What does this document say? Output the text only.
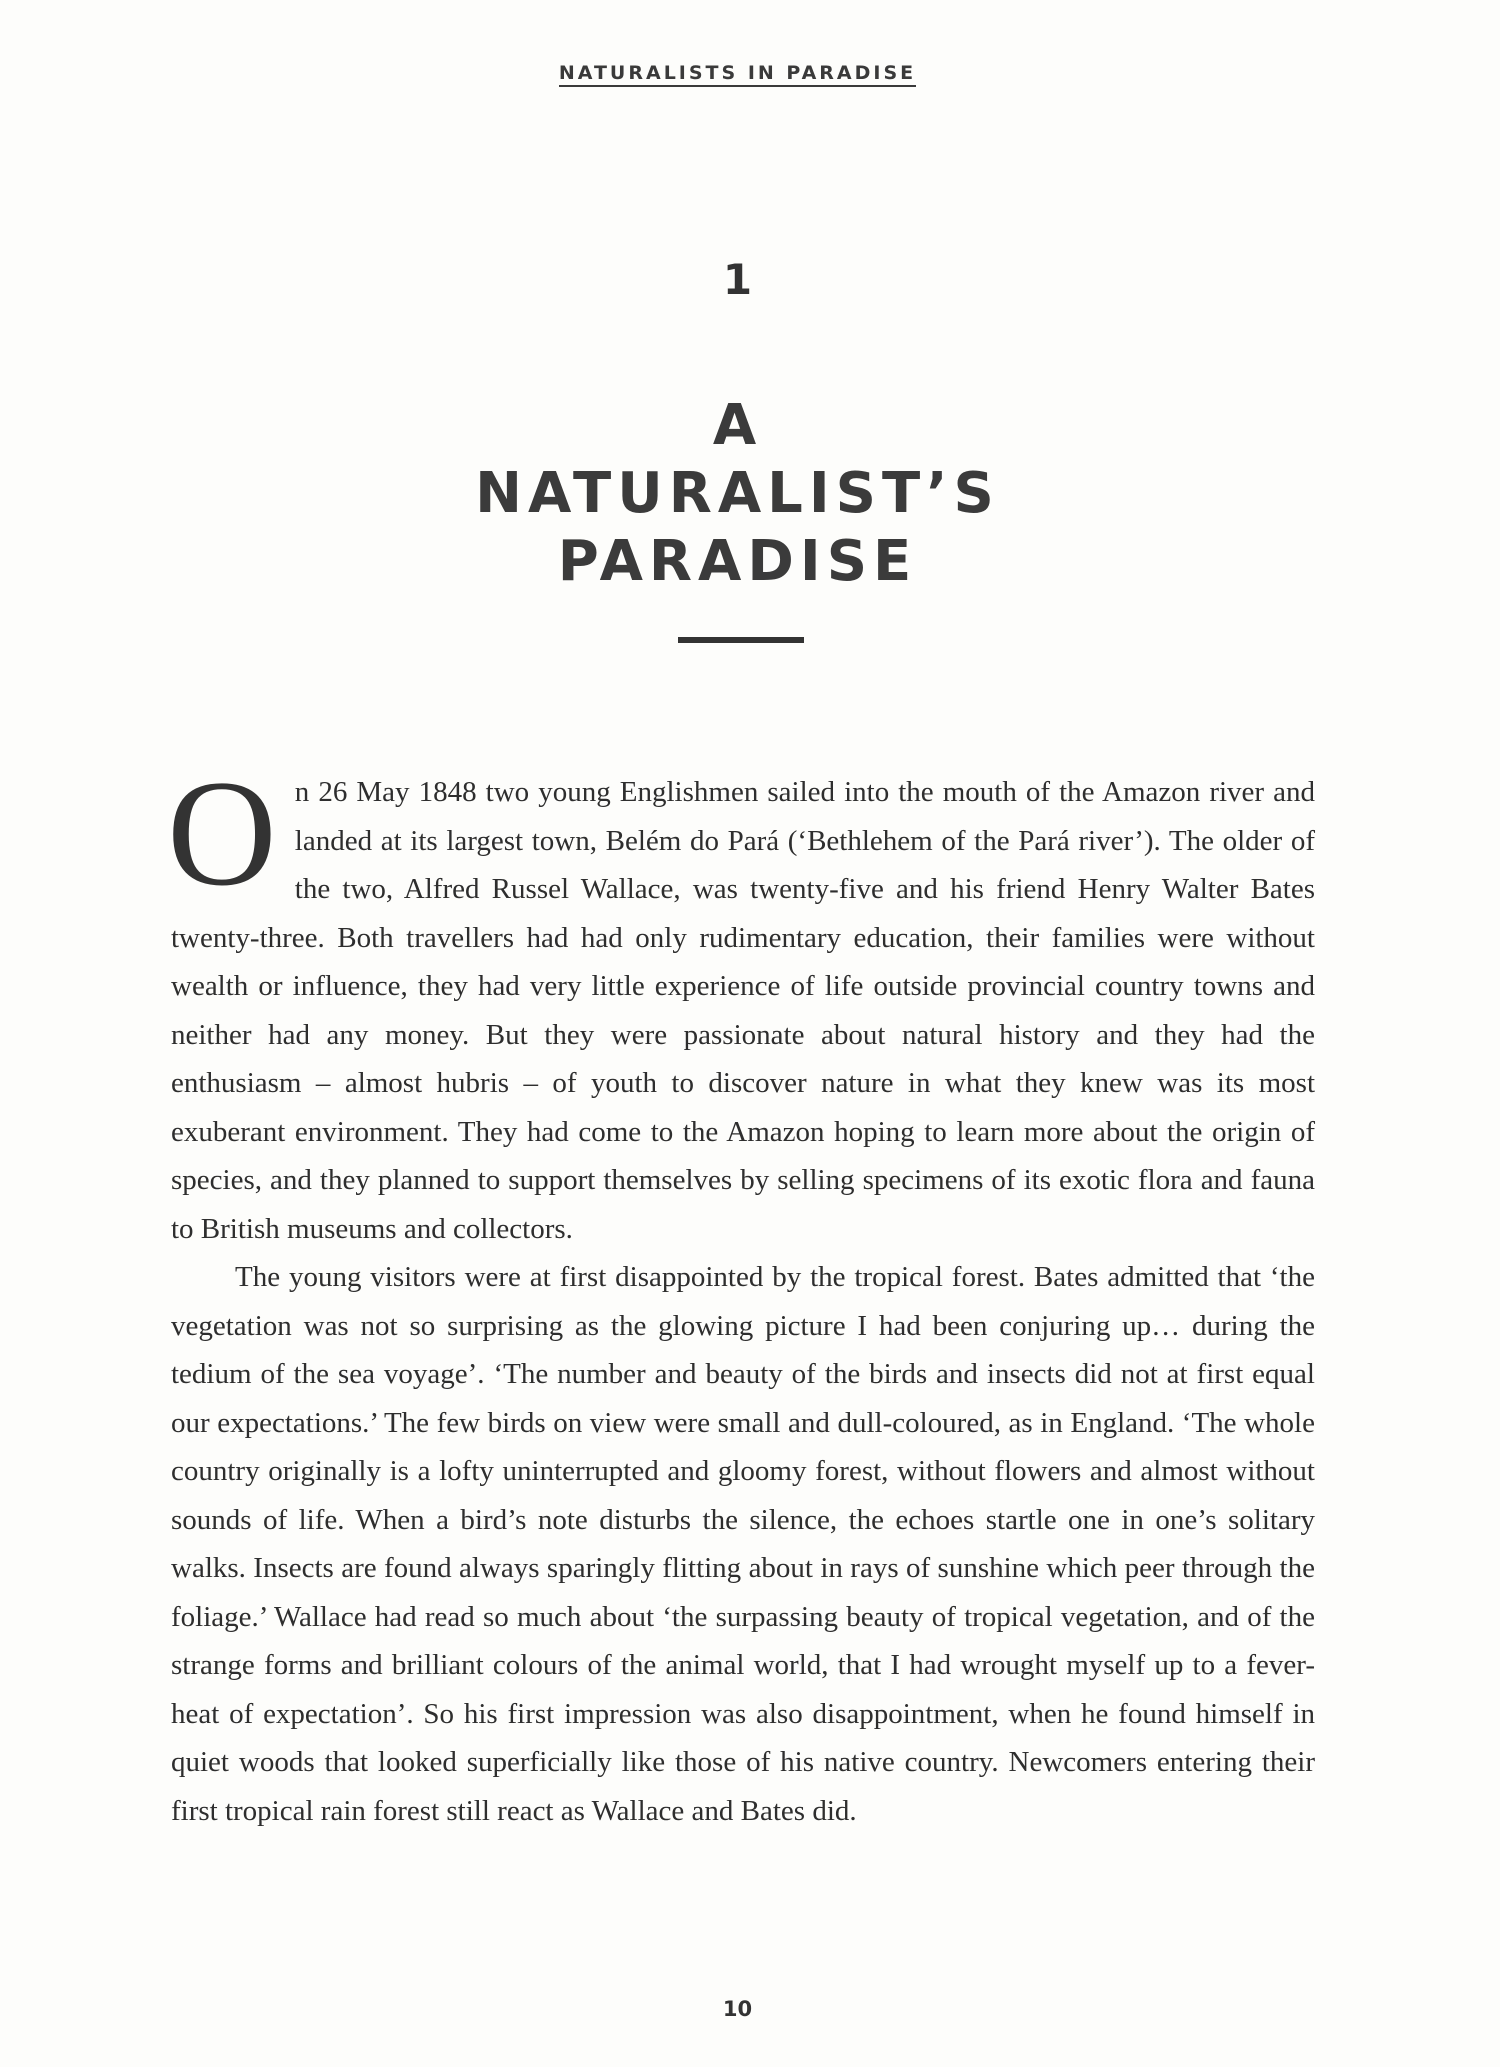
NATURALISTS IN PARADISE
1
A
NATURALIST’S
PARADISE

On 26 May 1848 two young Englishmen sailed into the mouth of the Amazon river and landed at its largest town, Belém do Pará (‘Bethlehem of the Pará river’). The older of the two, Alfred Russel Wallace, was twenty-five and his friend Henry Walter Bates twenty-three. Both travellers had had only rudimentary education, their families were without wealth or influence, they had very little experience of life outside provincial country towns and neither had any money. But they were passionate about natural history and they had the enthusiasm – almost hubris – of youth to discover nature in what they knew was its most exuberant environment. They had come to the Amazon hoping to learn more about the origin of species, and they planned to support themselves by selling specimens of its exotic flora and fauna to British museums and collectors.

The young visitors were at first disappointed by the tropical forest. Bates admitted that ‘the vegetation was not so surprising as the glowing picture I had been conjuring up… during the tedium of the sea voyage’. ‘The number and beauty of the birds and insects did not at first equal our expectations.’ The few birds on view were small and dull-coloured, as in England. ‘The whole country originally is a lofty uninterrupted and gloomy forest, without flowers and almost without sounds of life. When a bird’s note disturbs the silence, the echoes startle one in one’s solitary walks. Insects are found always sparingly flitting about in rays of sunshine which peer through the foliage.’ Wallace had read so much about ‘the surpassing beauty of tropical vegetation, and of the strange forms and brilliant colours of the animal world, that I had wrought myself up to a fever-heat of expectation’. So his first impression was also disappointment, when he found himself in quiet woods that looked superficially like those of his native country. Newcomers entering their first tropical rain forest still react as Wallace and Bates did.

10
